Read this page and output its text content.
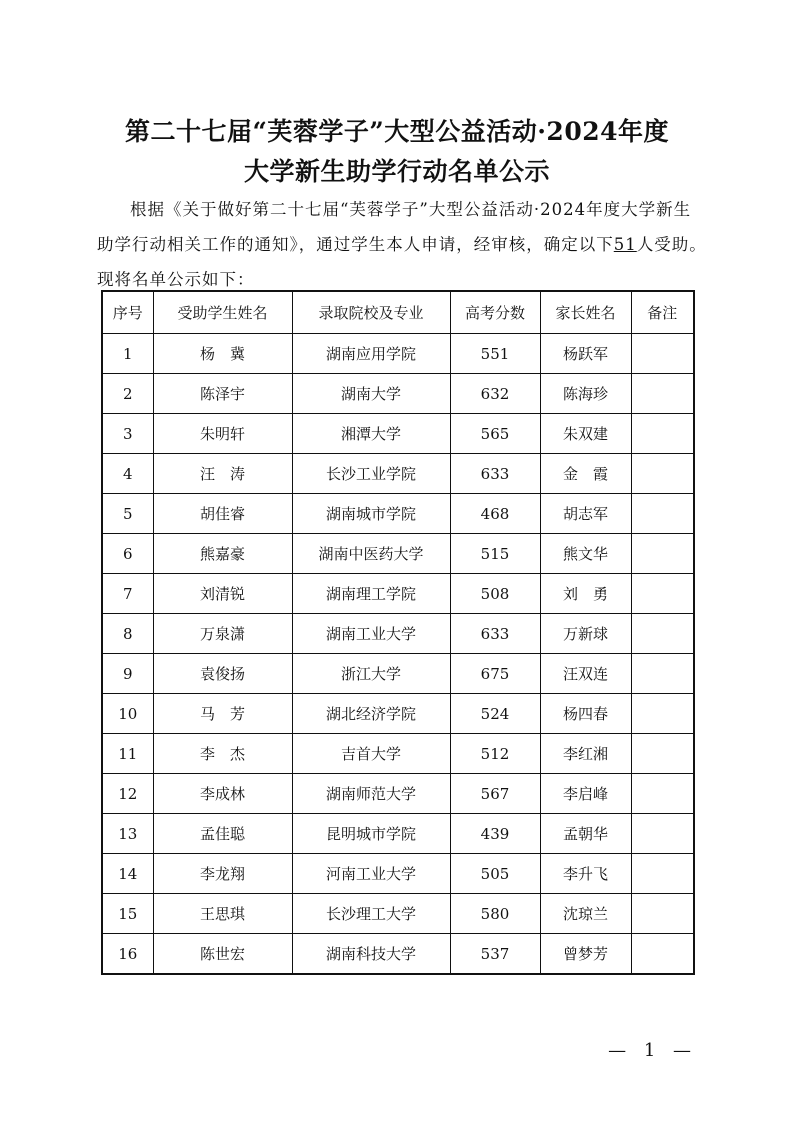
第二十七届“芙蓉学子”大型公益活动·2024年度
大学新生助学行动名单公示
根据《关于做好第二十七届“芙蓉学子”大型公益活动·2024年度大学新生助学行动相关工作的通知》，通过学生本人申请，经审核，确定以下51人受助。现将名单公示如下：
序号	受助学生姓名	录取院校及专业	高考分数	家长姓名	备注
1	杨　冀	湖南应用学院	551	杨跃军	
2	陈泽宇	湖南大学	632	陈海珍	
3	朱明轩	湘潭大学	565	朱双建	
4	汪　涛	长沙工业学院	633	金　霞	
5	胡佳睿	湖南城市学院	468	胡志军	
6	熊嘉豪	湖南中医药大学	515	熊文华	
7	刘清锐	湖南理工学院	508	刘　勇	
8	万泉潇	湖南工业大学	633	万新球	
9	袁俊扬	浙江大学	675	汪双连	
10	马　芳	湖北经济学院	524	杨四春	
11	李　杰	吉首大学	512	李红湘	
12	李成林	湖南师范大学	567	李启峰	
13	孟佳聪	昆明城市学院	439	孟朝华	
14	李龙翔	河南工业大学	505	李升飞	
15	王思琪	长沙理工大学	580	沈琼兰	
16	陈世宏	湖南科技大学	537	曾梦芳	
— 1 —
